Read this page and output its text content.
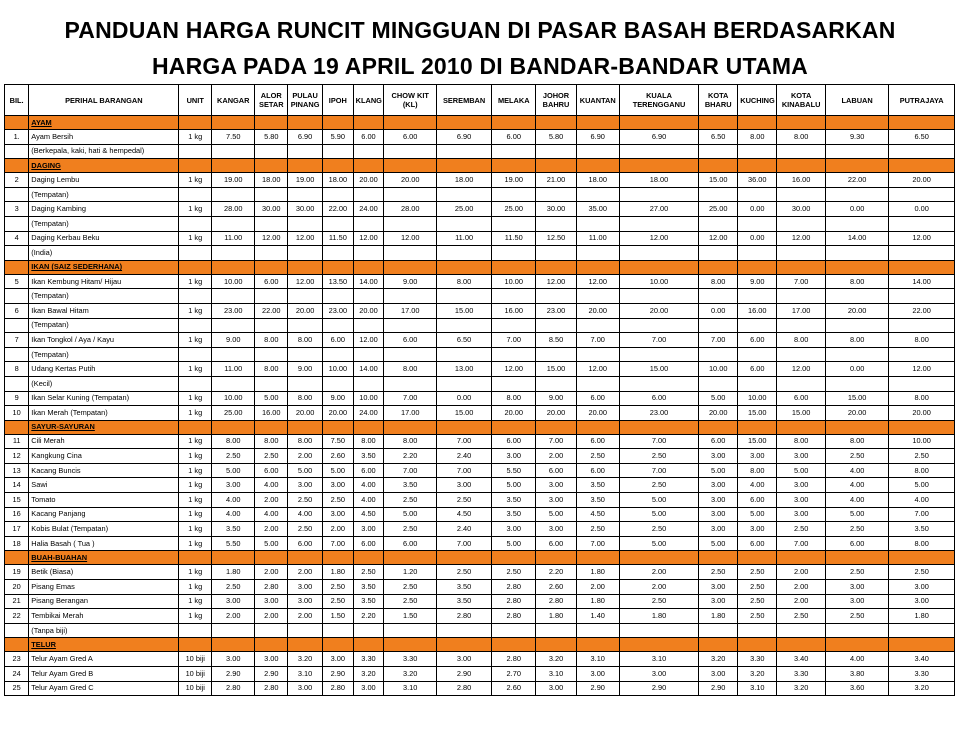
PANDUAN HARGA RUNCIT MINGGUAN DI PASAR BASAH BERDASARKAN
HARGA PADA 19 APRIL 2010 DI BANDAR-BANDAR UTAMA
BIL.	PERIHAL BARANGAN	UNIT	KANGAR	ALOR SETAR	PULAU PINANG	IPOH	KLANG	CHOW KIT (KL)	SEREMBAN	MELAKA	JOHOR BAHRU	KUANTAN	KUALA TERENGGANU	KOTA BHARU	KUCHING	KOTA KINABALU	LABUAN	PUTRAJAYA
	AYAM																	
1.	Ayam Bersih	1 kg	7.50	5.80	6.90	5.90	6.00	6.00	6.90	6.00	5.80	6.90	6.90	6.50	8.00	8.00	9.30	6.50
	(Berkepala, kaki, hati & hempedal)																	
	DAGING																	
2	Daging Lembu	1 kg	19.00	18.00	19.00	18.00	20.00	20.00	18.00	19.00	21.00	18.00	18.00	15.00	36.00	16.00	22.00	20.00
	(Tempatan)																	
3	Daging Kambing	1 kg	28.00	30.00	30.00	22.00	24.00	28.00	25.00	25.00	30.00	35.00	27.00	25.00	0.00	30.00	0.00	0.00
	(Tempatan)																	
4	Daging Kerbau Beku	1 kg	11.00	12.00	12.00	11.50	12.00	12.00	11.00	11.50	12.50	11.00	12.00	12.00	0.00	12.00	14.00	12.00
	(India)																	
	IKAN (SAIZ SEDERHANA)																	
5	Ikan Kembung Hitam/ Hijau	1 kg	10.00	6.00	12.00	13.50	14.00	9.00	8.00	10.00	12.00	12.00	10.00	8.00	9.00	7.00	8.00	14.00
	(Tempatan)																	
6	Ikan Bawal Hitam	1 kg	23.00	22.00	20.00	23.00	20.00	17.00	15.00	16.00	23.00	20.00	20.00	0.00	16.00	17.00	20.00	22.00
	(Tempatan)																	
7	Ikan Tongkol / Aya / Kayu	1 kg	9.00	8.00	8.00	6.00	12.00	6.00	6.50	7.00	8.50	7.00	7.00	7.00	6.00	8.00	8.00	8.00
	(Tempatan)																	
8	Udang Kertas Putih	1 kg	11.00	8.00	9.00	10.00	14.00	8.00	13.00	12.00	15.00	12.00	15.00	10.00	6.00	12.00	0.00	12.00
	(Kecil)																	
9	Ikan Selar Kuning (Tempatan)	1 kg	10.00	5.00	8.00	9.00	10.00	7.00	0.00	8.00	9.00	6.00	6.00	5.00	10.00	6.00	15.00	8.00
10	Ikan Merah (Tempatan)	1 kg	25.00	16.00	20.00	20.00	24.00	17.00	15.00	20.00	20.00	20.00	23.00	20.00	15.00	15.00	20.00	20.00
	SAYUR-SAYURAN																	
11	Cili Merah	1 kg	8.00	8.00	8.00	7.50	8.00	8.00	7.00	6.00	7.00	6.00	7.00	6.00	15.00	8.00	8.00	10.00
12	Kangkung Cina	1 kg	2.50	2.50	2.00	2.60	3.50	2.20	2.40	3.00	2.00	2.50	2.50	3.00	3.00	3.00	2.50	2.50
13	Kacang Buncis	1 kg	5.00	6.00	5.00	5.00	6.00	7.00	7.00	5.50	6.00	6.00	7.00	5.00	8.00	5.00	4.00	8.00
14	Sawi	1 kg	3.00	4.00	3.00	3.00	4.00	3.50	3.00	5.00	3.00	3.50	2.50	3.00	4.00	3.00	4.00	5.00
15	Tomato	1 kg	4.00	2.00	2.50	2.50	4.00	2.50	2.50	3.50	3.00	3.50	5.00	3.00	6.00	3.00	4.00	4.00
16	Kacang Panjang	1 kg	4.00	4.00	4.00	3.00	4.50	5.00	4.50	3.50	5.00	4.50	5.00	3.00	5.00	3.00	5.00	7.00
17	Kobis Bulat (Tempatan)	1 kg	3.50	2.00	2.50	2.00	3.00	2.50	2.40	3.00	3.00	2.50	2.50	3.00	3.00	2.50	2.50	3.50
18	Halia Basah ( Tua )	1 kg	5.50	5.00	6.00	7.00	6.00	6.00	7.00	5.00	6.00	7.00	5.00	5.00	6.00	7.00	6.00	8.00
	BUAH-BUAHAN																	
19	Betik (Biasa)	1 kg	1.80	2.00	2.00	1.80	2.50	1.20	2.50	2.50	2.20	1.80	2.00	2.50	2.50	2.00	2.50	2.50
20	Pisang Emas	1 kg	2.50	2.80	3.00	2.50	3.50	2.50	3.50	2.80	2.60	2.00	2.00	3.00	2.50	2.00	3.00	3.00
21	Pisang Berangan	1 kg	3.00	3.00	3.00	2.50	3.50	2.50	3.50	2.80	2.80	1.80	2.50	3.00	2.50	2.00	3.00	3.00
22	Tembikai Merah	1 kg	2.00	2.00	2.00	1.50	2.20	1.50	2.80	2.80	1.80	1.40	1.80	1.80	2.50	2.50	2.50	1.80
	(Tanpa biji)																	
	TELUR																	
23	Telur Ayam Gred A	10 biji	3.00	3.00	3.20	3.00	3.30	3.30	3.00	2.80	3.20	3.10	3.10	3.20	3.30	3.40	4.00	3.40
24	Telur Ayam Gred B	10 biji	2.90	2.90	3.10	2.90	3.20	3.20	2.90	2.70	3.10	3.00	3.00	3.00	3.20	3.30	3.80	3.30
25	Telur Ayam Gred C	10 biji	2.80	2.80	3.00	2.80	3.00	3.10	2.80	2.60	3.00	2.90	2.90	2.90	3.10	3.20	3.60	3.20
